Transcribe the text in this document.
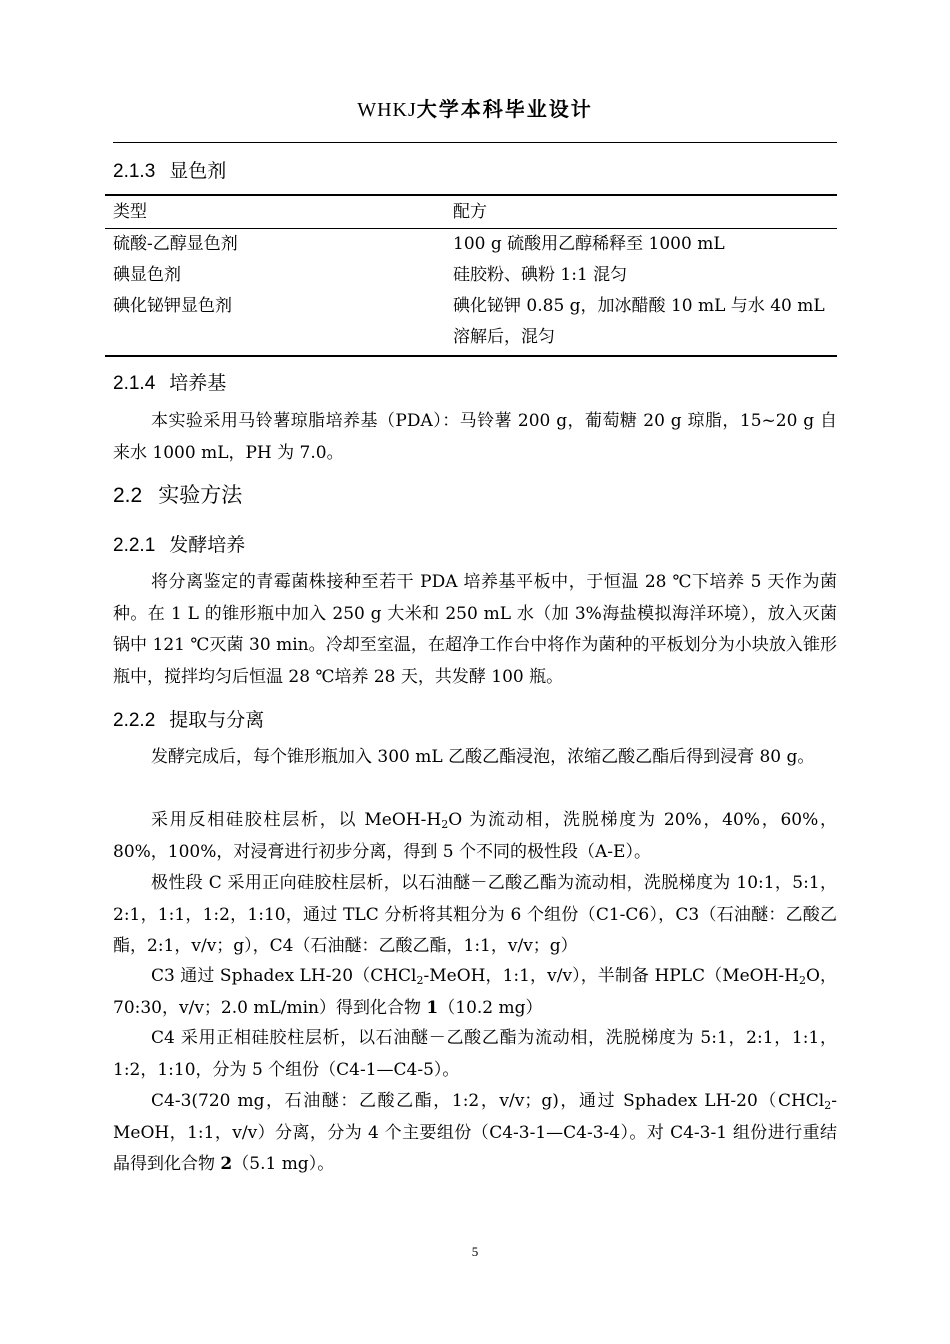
WHKJ大学本科毕业设计
2.1.3 显色剂
类型	配方
硫酸-乙醇显色剂	100 g 硫酸用乙醇稀释至 1000 mL
碘显色剂	硅胶粉、碘粉 1:1 混匀
碘化铋钾显色剂	碘化铋钾 0.85 g，加冰醋酸 10 mL 与水 40 mL
溶解后，混匀
2.1.4 培养基
本实验采用马铃薯琼脂培养基（PDA）：马铃薯 200 g，葡萄糖 20 g 琼脂，15~20 g 自来水 1000 mL，PH 为 7.0。
2.2 实验方法
2.2.1 发酵培养
将分离鉴定的青霉菌株接种至若干 PDA 培养基平板中，于恒温 28 ℃下培养 5 天作为菌种。在 1 L 的锥形瓶中加入 250 g 大米和 250 mL 水（加 3%海盐模拟海洋环境），放入灭菌锅中 121 ℃灭菌 30 min。冷却至室温，在超净工作台中将作为菌种的平板划分为小块放入锥形瓶中，搅拌均匀后恒温 28 ℃培养 28 天，共发酵 100 瓶。
2.2.2 提取与分离
发酵完成后，每个锥形瓶加入 300 mL 乙酸乙酯浸泡，浓缩乙酸乙酯后得到浸膏 80 g。
采用反相硅胶柱层析，以 MeOH-$H_2O$ 为流动相，洗脱梯度为 20%，40%，60%，80%，100%，对浸膏进行初步分离，得到 5 个不同的极性段（A-E）。
极性段 C 采用正向硅胶柱层析，以石油醚－乙酸乙酯为流动相，洗脱梯度为 10:1，5:1，2:1，1:1，1:2，1:10，通过 TLC 分析将其粗分为 6 个组份（C1-C6），C3（石油醚：乙酸乙酯，2:1，v/v；g），C4（石油醚：乙酸乙酯，1:1，v/v；g）
C3 通过 Sphadex LH-20（CHCl$_2$-MeOH，1:1，v/v），半制备 $HPLC(MeOH-H_2O$，70:30，v/v；2.0 mL/min）得到化合物 1（10.2 mg）
C4 采用正相硅胶柱层析，以石油醚－乙酸乙酯为流动相，洗脱梯度为 5:1，2:1，1:1，1:2，1:10，分为 5 个组份（C4-1—C4-5）。
C4-3(720 mg，石油醚：乙酸乙酯，1:2，v/v；g)，通过 Sphadex LH-20（CHCl$_2$-MeOH，1:1，v/v）分离，分为 4 个主要组份（C4-3-1—C4-3-4）。对 C4-3-1 组份进行重结晶得到化合物 2（5.1 mg）。
5
